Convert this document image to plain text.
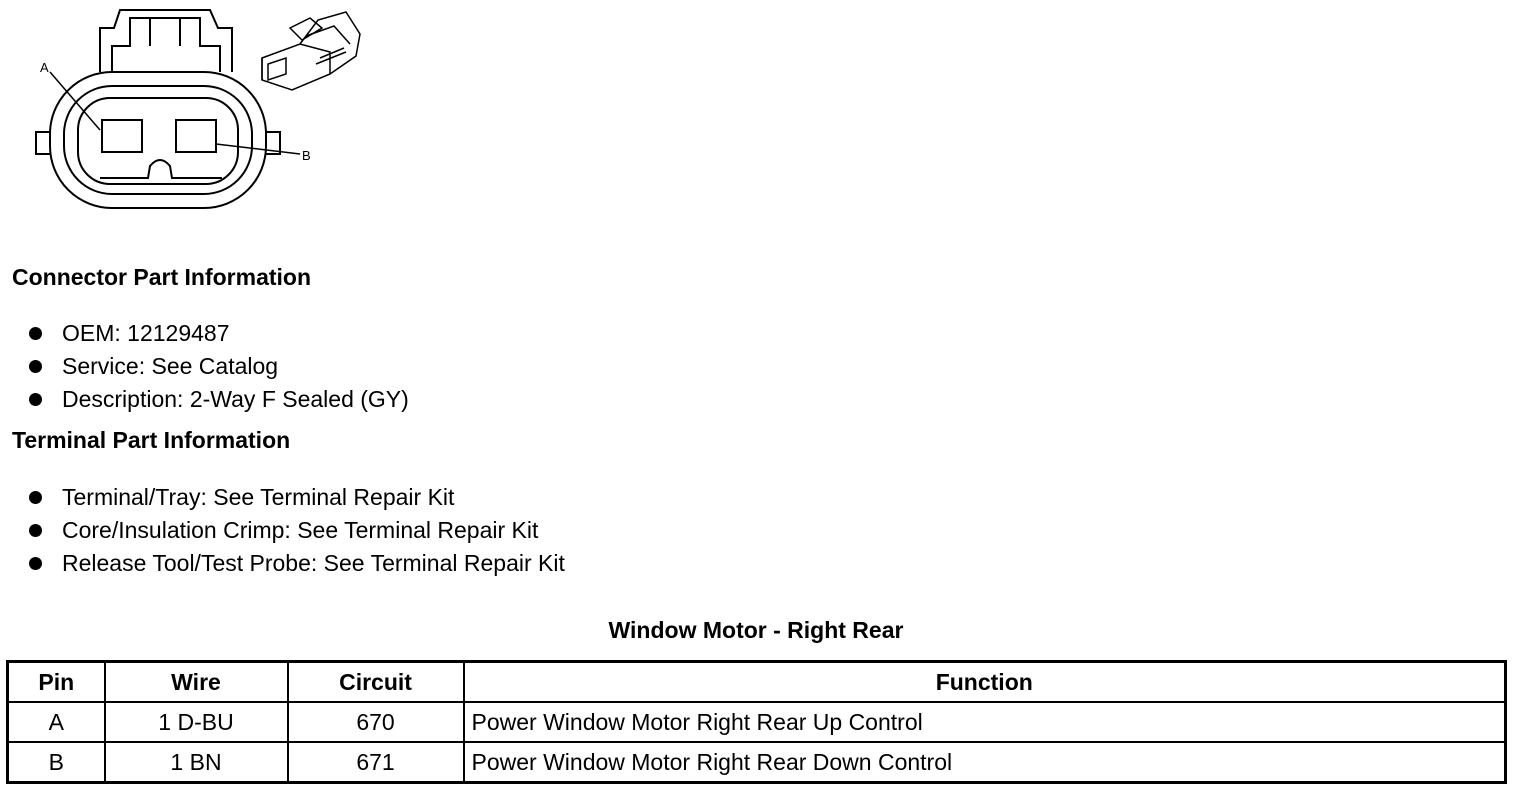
A
B
Connector Part Information
OEM: 12129487
Service: See Catalog
Description: 2-Way F Sealed (GY)
Terminal Part Information
Terminal/Tray: See Terminal Repair Kit
Core/Insulation Crimp: See Terminal Repair Kit
Release Tool/Test Probe: See Terminal Repair Kit
Window Motor - Right Rear
Pin	Wire	Circuit	Function
A	1 D-BU	670	Power Window Motor Right Rear Up Control
B	1 BN	671	Power Window Motor Right Rear Down Control
